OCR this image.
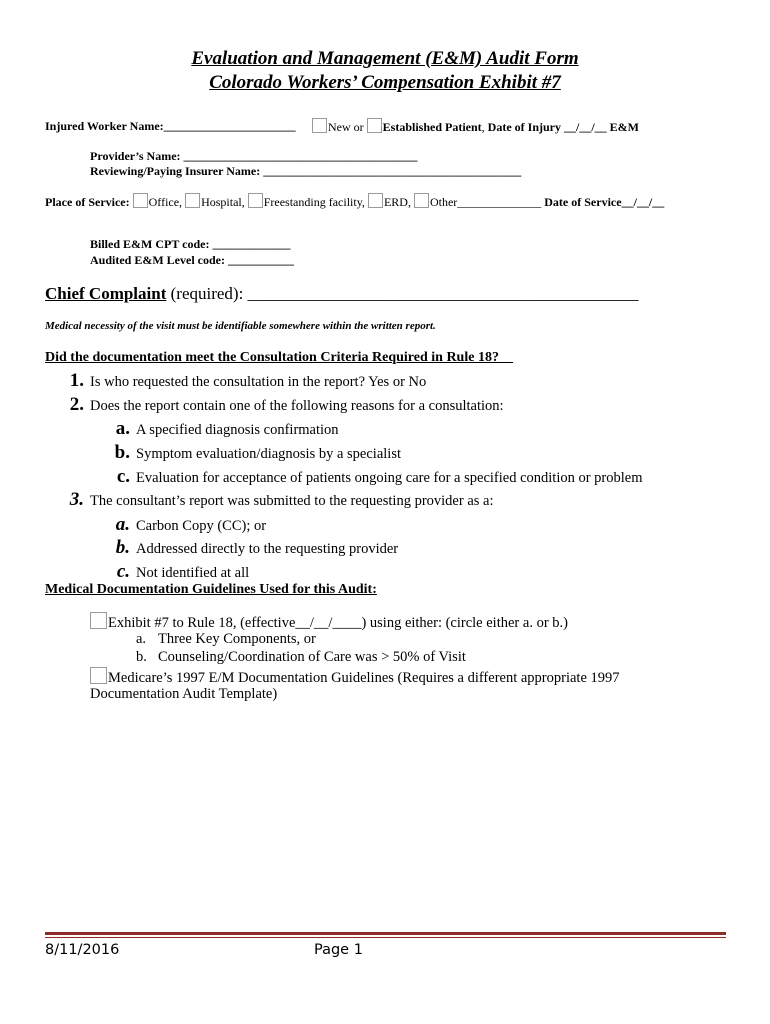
Evaluation and Management (E&M) Audit Form
Colorado Workers’ Compensation Exhibit #7
Injured Worker Name:______________________	New or Established Patient, Date of Injury __/__/__ E&M
Provider’s Name: _______________________________________
Reviewing/Paying Insurer Name: ___________________________________________
Place of Service: Office, Hospital, Freestanding facility, ERD, Other______________ Date of Service__/__/__
Billed E&M CPT code: _____________
Audited E&M Level code: ___________
Chief Complaint (required): ______________________________________________
Medical necessity of the visit must be identifiable somewhere within the written report.
Did the documentation meet the Consultation Criteria Required in Rule 18?__
1. Is who requested the consultation in the report? Yes or No
2. Does the report contain one of the following reasons for a consultation:
a. A specified diagnosis confirmation
b. Symptom evaluation/diagnosis by a specialist
c. Evaluation for acceptance of patients ongoing care for a specified condition or problem
3. The consultant’s report was submitted to the requesting provider as a:
a. Carbon Copy (CC); or
b. Addressed directly to the requesting provider
c. Not identified at all
Medical Documentation Guidelines Used for this Audit:
Exhibit #7 to Rule 18, (effective__/__/____) using either: (circle either a. or b.)
a. Three Key Components, or
b. Counseling/Coordination of Care was > 50% of Visit
Medicare’s 1997 E/M Documentation Guidelines (Requires a different appropriate 1997
Documentation Audit Template)
8/11/2016	Page 1
